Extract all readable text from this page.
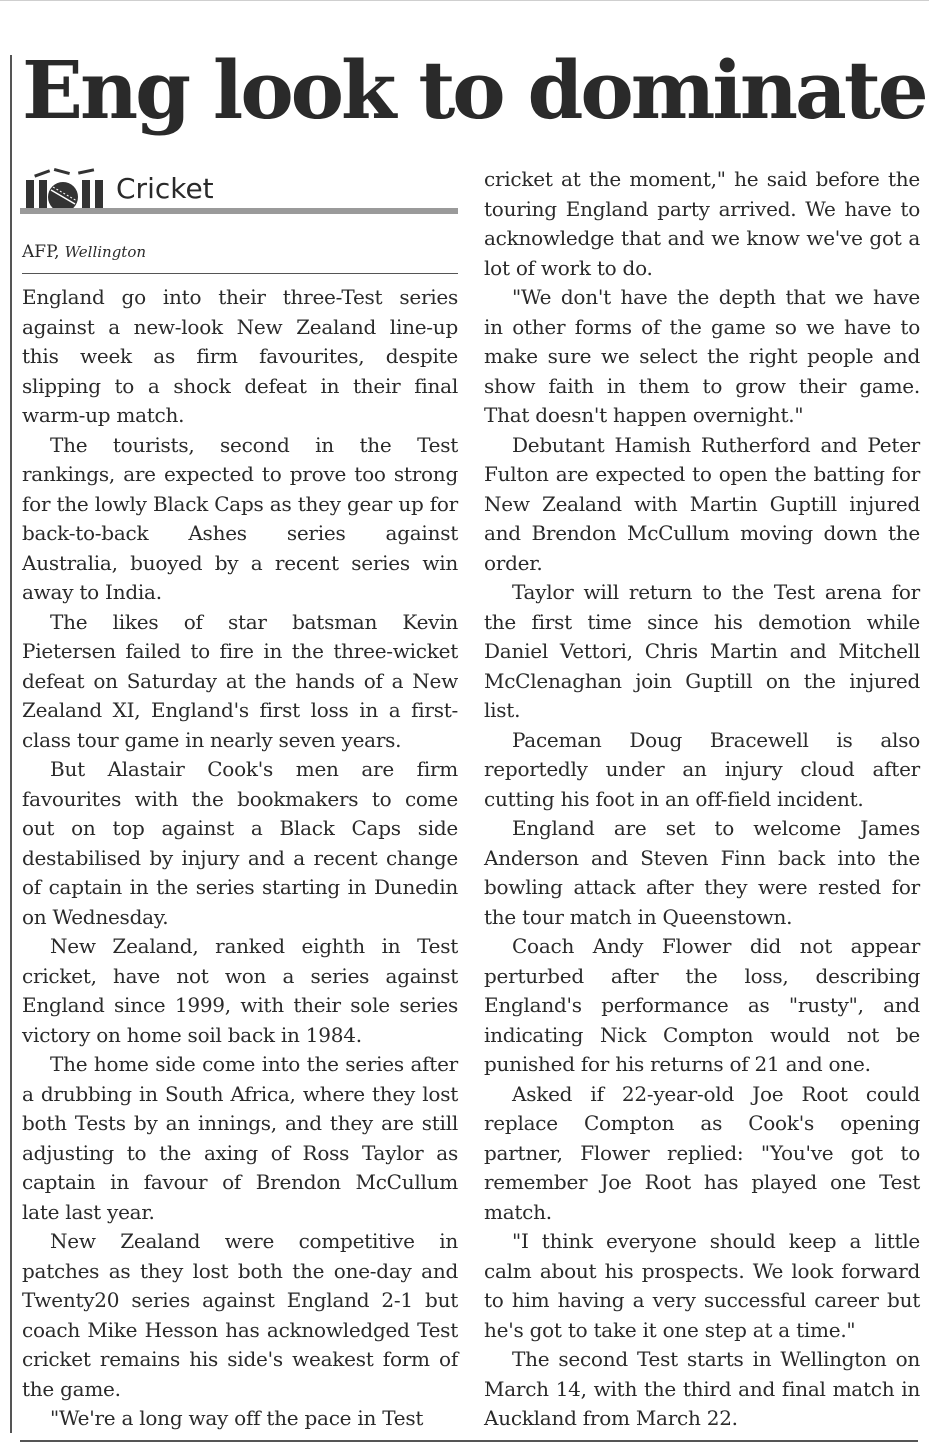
Eng look to dominate
Cricket
AFP, Wellington

England go into their three-Test series against a new-look New Zealand line-up this week as firm favourites, despite slipping to a shock defeat in their final warm-up match.

The tourists, second in the Test rankings, are expected to prove too strong for the lowly Black Caps as they gear up for back-to-back Ashes series against Australia, buoyed by a recent series win away to India.

The likes of star batsman Kevin Pietersen failed to fire in the three-wicket defeat on Saturday at the hands of a New Zealand XI, England's first loss in a first-class tour game in nearly seven years.

But Alastair Cook's men are firm favourites with the bookmakers to come out on top against a Black Caps side destabilised by injury and a recent change of captain in the series starting in Dunedin on Wednesday.

New Zealand, ranked eighth in Test cricket, have not won a series against England since 1999, with their sole series victory on home soil back in 1984.

The home side come into the series after a drubbing in South Africa, where they lost both Tests by an innings, and they are still adjusting to the axing of Ross Taylor as captain in favour of Brendon McCullum late last year.

New Zealand were competitive in patches as they lost both the one-day and Twenty20 series against England 2-1 but coach Mike Hesson has acknowledged Test cricket remains his side's weakest form of the game.

"We're a long way off the pace in Test

cricket at the moment," he said before the touring England party arrived. We have to acknowledge that and we know we've got a lot of work to do.

"We don't have the depth that we have in other forms of the game so we have to make sure we select the right people and show faith in them to grow their game. That doesn't happen overnight."

Debutant Hamish Rutherford and Peter Fulton are expected to open the batting for New Zealand with Martin Guptill injured and Brendon McCullum moving down the order.

Taylor will return to the Test arena for the first time since his demotion while Daniel Vettori, Chris Martin and Mitchell McClenaghan join Guptill on the injured list.

Paceman Doug Bracewell is also reportedly under an injury cloud after cutting his foot in an off-field incident.

England are set to welcome James Anderson and Steven Finn back into the bowling attack after they were rested for the tour match in Queenstown.

Coach Andy Flower did not appear perturbed after the loss, describing England's performance as "rusty", and indicating Nick Compton would not be punished for his returns of 21 and one.

Asked if 22-year-old Joe Root could replace Compton as Cook's opening partner, Flower replied: "You've got to remember Joe Root has played one Test match.

"I think everyone should keep a little calm about his prospects. We look forward to him having a very successful career but he's got to take it one step at a time."

The second Test starts in Wellington on March 14, with the third and final match in Auckland from March 22.
